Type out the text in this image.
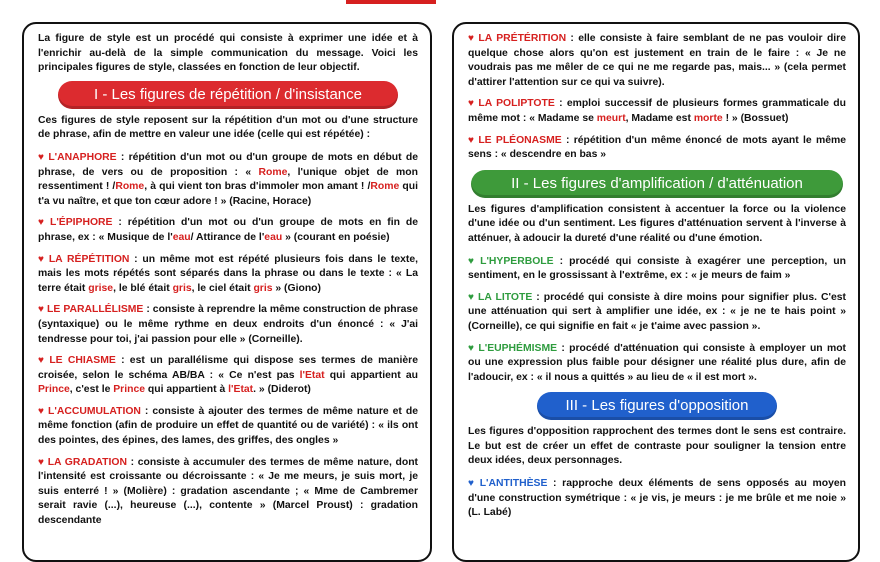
La figure de style est un procédé qui consiste à exprimer une idée et à l'enrichir au-delà de la simple communication du message. Voici les principales figures de style, classées en fonction de leur objectif.

I - Les figures de répétition / d'insistance

Ces figures de style reposent sur la répétition d'un mot ou d'une structure de phrase, afin de mettre en valeur une idée (celle qui est répétée) :

♥ L'ANAPHORE : répétition d'un mot ou d'un groupe de mots en début de phrase, de vers ou de proposition : « Rome, l'unique objet de mon ressentiment ! /Rome, à qui vient ton bras d'immoler mon amant ! /Rome qui t'a vu naître, et que ton cœur adore ! » (Racine, Horace)

♥ L'ÉPIPHORE : répétition d'un mot ou d'un groupe de mots en fin de phrase, ex : « Musique de l'eau/ Attirance de l'eau » (courant en poésie)

♥ LA RÉPÉTITION : un même mot est répété plusieurs fois dans le texte, mais les mots répétés sont séparés dans la phrase ou dans le texte : « La terre était grise, le blé était gris, le ciel était gris » (Giono)

♥ LE PARALLÉLISME : consiste à reprendre la même construction de phrase (syntaxique) ou le même rythme en deux endroits d'un énoncé : « J'ai tendresse pour toi, j'ai passion pour elle » (Corneille).

♥ LE CHIASME : est un parallélisme qui dispose ses termes de manière croisée, selon le schéma AB/BA : « Ce n'est pas l'Etat qui appartient au Prince, c'est le Prince qui appartient à l'Etat. » (Diderot)

♥ L'ACCUMULATION : consiste à ajouter des termes de même nature et de même fonction (afin de produire un effet de quantité ou de variété) : « ils ont des pointes, des épines, des lames, des griffes, des ongles »

♥ LA GRADATION : consiste à accumuler des termes de même nature, dont l'intensité est croissante ou décroissante : « Je me meurs, je suis mort, je suis enterré ! » (Molière) : gradation ascendante ; « Mme de Cambremer serait ravie (...), heureuse (...), contente » (Marcel Proust) : gradation descendante

♥ LA PRÉTÉRITION : elle consiste à faire semblant de ne pas vouloir dire quelque chose alors qu'on est justement en train de le faire : « Je ne voudrais pas me mêler de ce qui ne me regarde pas, mais... » (cela permet d'attirer l'attention sur ce qui va suivre).

♥ LA POLIPTOTE : emploi successif de plusieurs formes grammaticale du même mot : « Madame se meurt, Madame est morte ! » (Bossuet)

♥ LE PLÉONASME : répétition d'un même énoncé de mots ayant le même sens : « descendre en bas »

II - Les figures d'amplification / d'atténuation

Les figures d'amplification consistent à accentuer la force ou la violence d'une idée ou d'un sentiment. Les figures d'atténuation servent à l'inverse à atténuer, à adoucir la dureté d'une réalité ou d'une émotion.

♥ L'HYPERBOLE : procédé qui consiste à exagérer une perception, un sentiment, en le grossissant à l'extrême, ex : « je meurs de faim »

♥ LA LITOTE : procédé qui consiste à dire moins pour signifier plus. C'est une atténuation qui sert à amplifier une idée, ex : « je ne te hais point » (Corneille), ce qui signifie en fait « je t'aime avec passion ».

♥ L'EUPHÉMISME : procédé d'atténuation qui consiste à employer un mot ou une expression plus faible pour désigner une réalité plus dure, afin de l'adoucir, ex : « il nous a quittés » au lieu de « il est mort ».

III - Les figures d'opposition

Les figures d'opposition rapprochent des termes dont le sens est contraire. Le but est de créer un effet de contraste pour souligner la tension entre deux idées, deux personnages.

♥ L'ANTITHÈSE : rapproche deux éléments de sens opposés au moyen d'une construction symétrique : « je vis, je meurs : je me brûle et me noie » (L. Labé)
